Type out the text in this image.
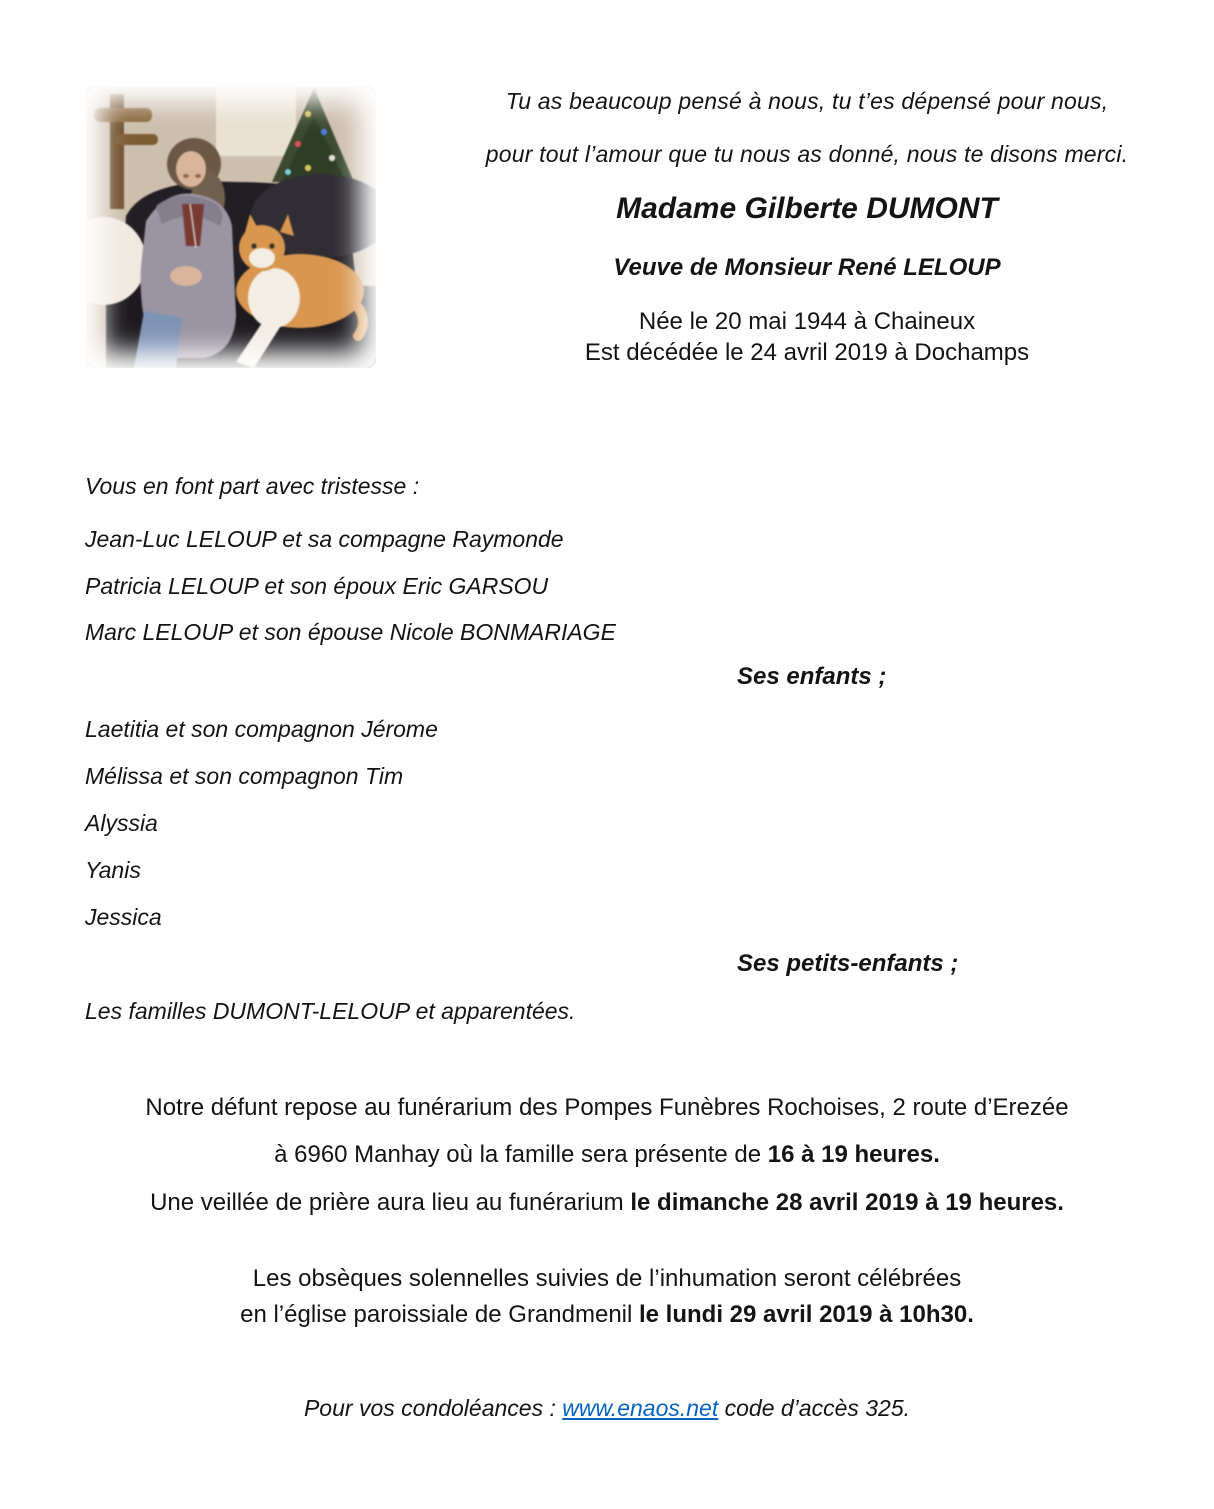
Tu as beaucoup pensé à nous, tu t’es dépensé pour nous,
pour tout l’amour que tu nous as donné, nous te disons merci.
Madame Gilberte DUMONT
Veuve de Monsieur René LELOUP
Née le 20 mai 1944 à Chaineux
Est décédée le 24 avril 2019 à Dochamps
Vous en font part avec tristesse :
Jean-Luc LELOUP et sa compagne Raymonde
Patricia LELOUP et son époux Eric GARSOU
Marc LELOUP et son épouse Nicole BONMARIAGE
Ses enfants ;
Laetitia et son compagnon Jérome
Mélissa et son compagnon Tim
Alyssia
Yanis
Jessica
Ses petits-enfants ;
Les familles DUMONT-LELOUP et apparentées.
Notre défunt repose au funérarium des Pompes Funèbres Rochoises, 2 route d’Erezée
à 6960 Manhay où la famille sera présente de 16 à 19 heures.
Une veillée de prière aura lieu au funérarium le dimanche 28 avril 2019 à 19 heures.
Les obsèques solennelles suivies de l’inhumation seront célébrées
en l’église paroissiale de Grandmenil le lundi 29 avril 2019 à 10h30.
Pour vos condoléances : www.enaos.net code d’accès 325.
